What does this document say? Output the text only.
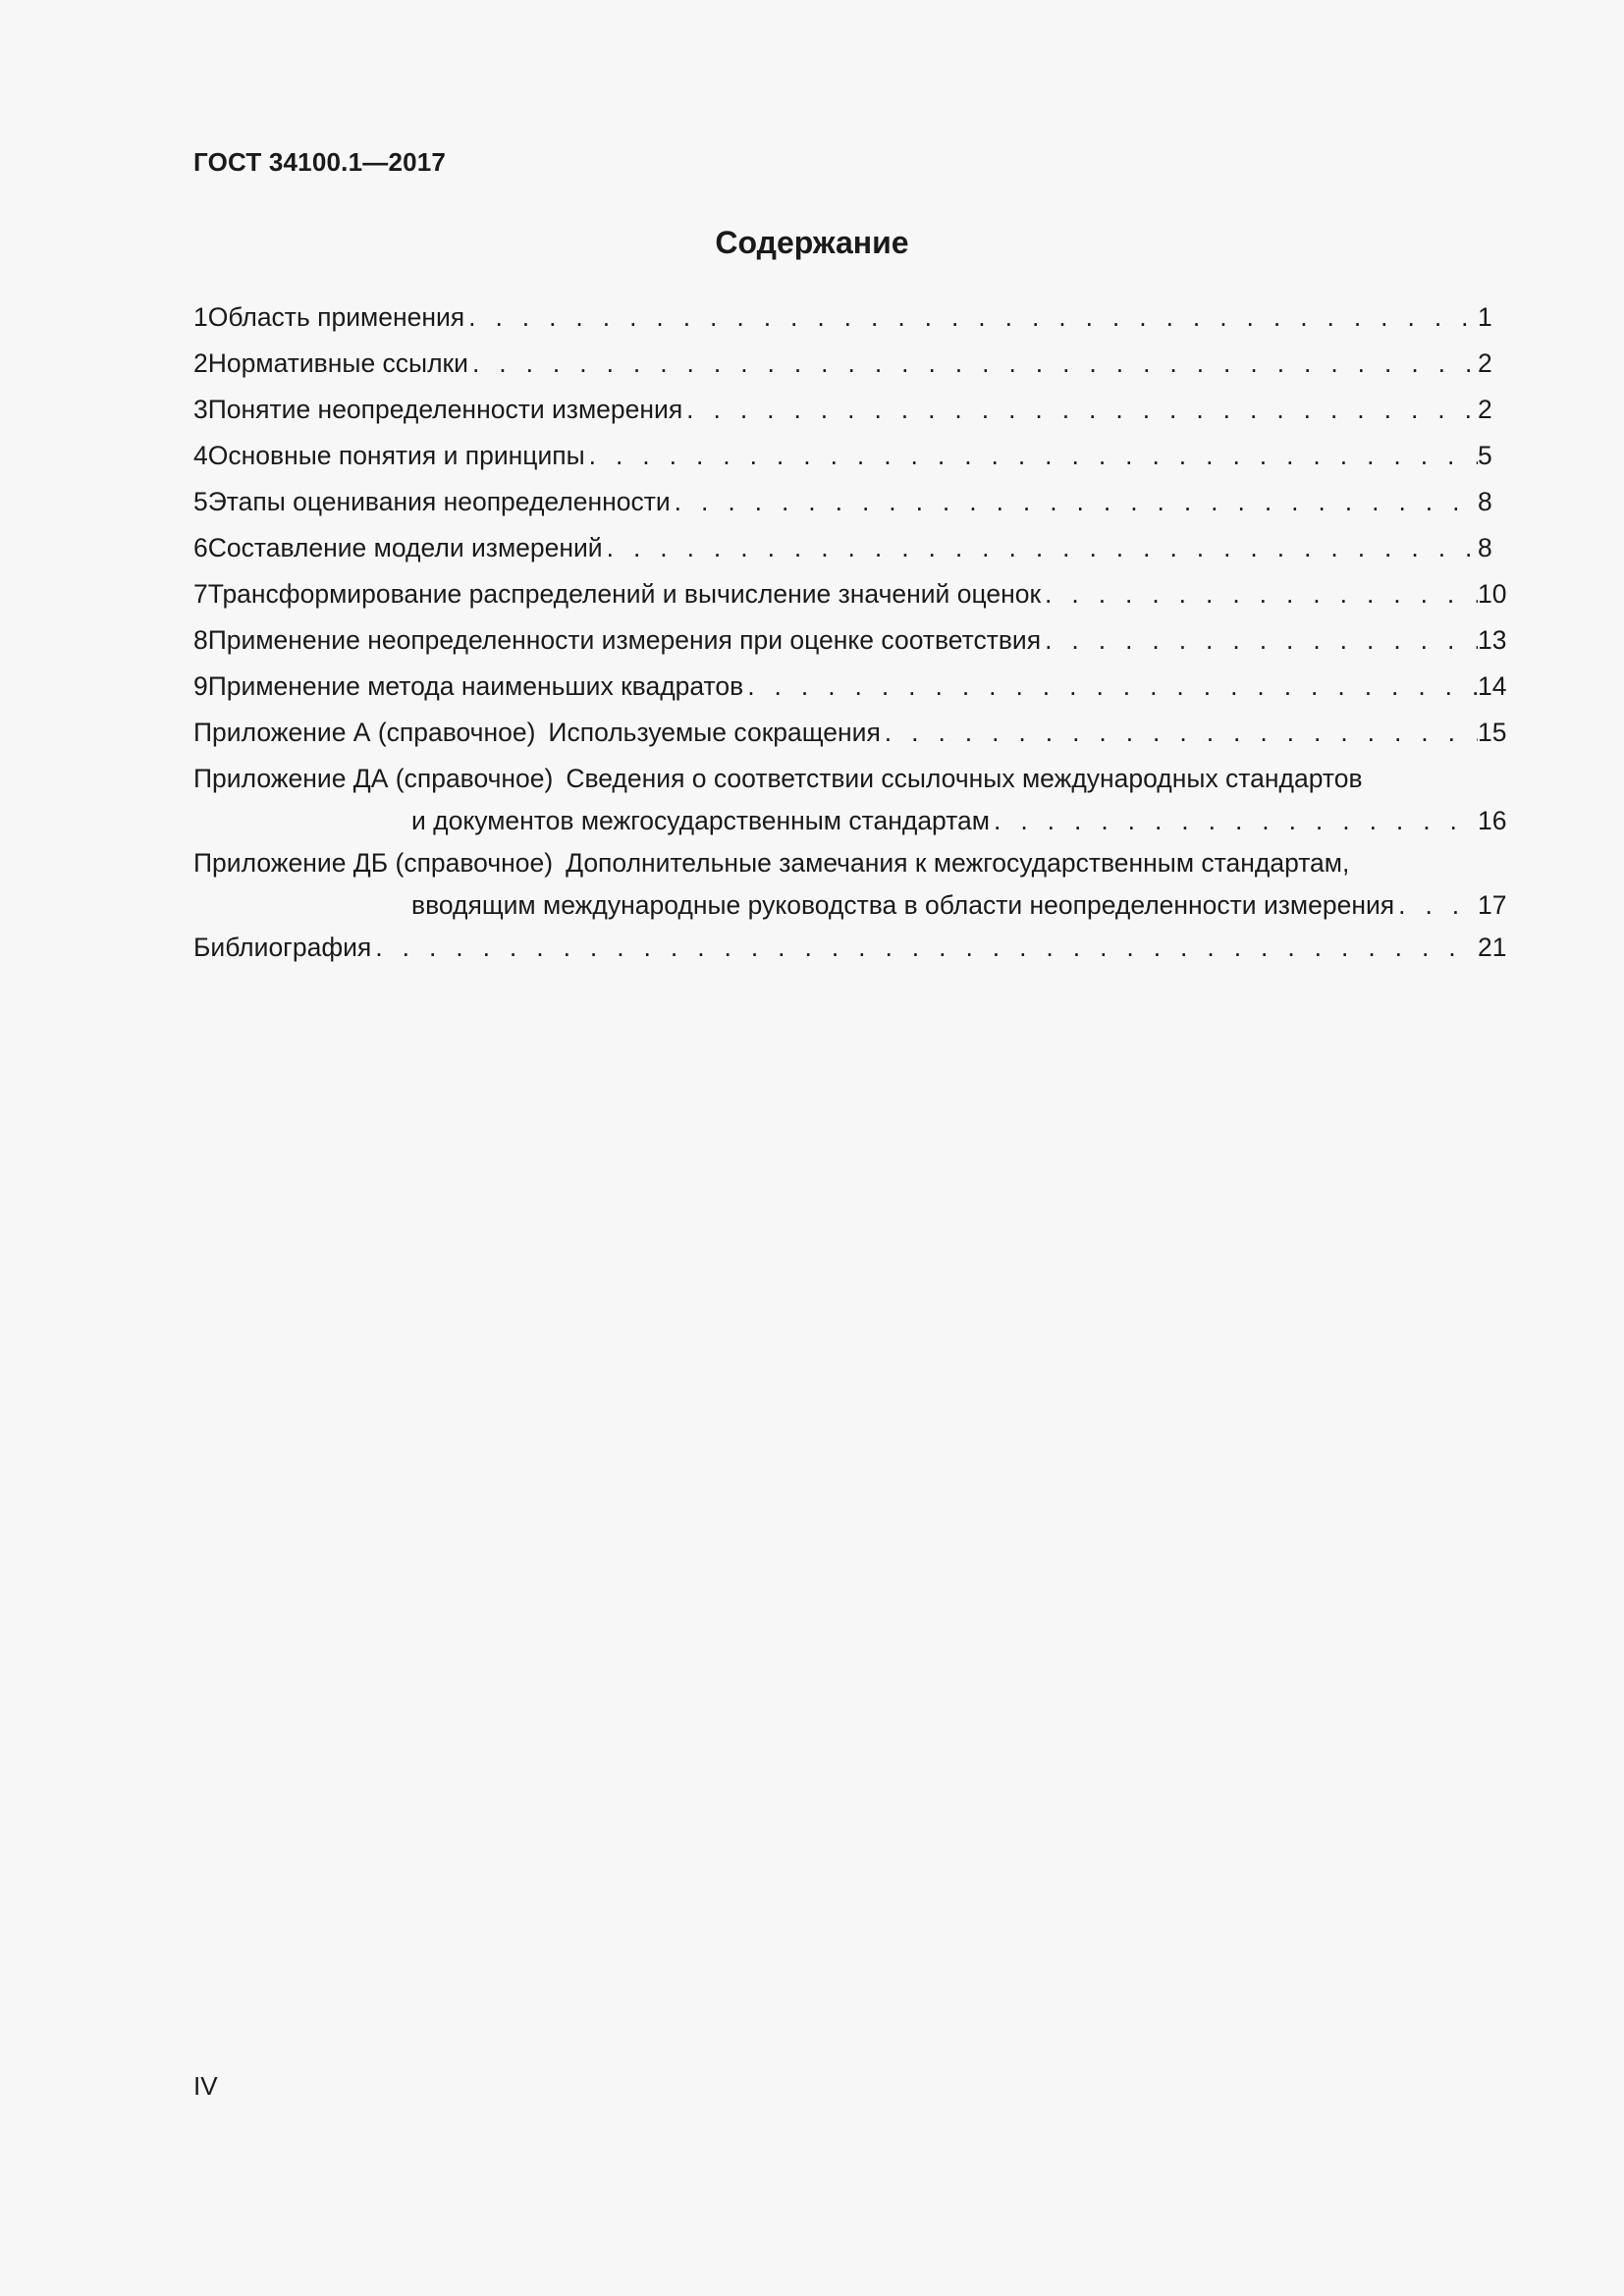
ГОСТ 34100.1—2017
Содержание
1 Область применения . . .	1
2 Нормативные ссылки . . .	2
3 Понятие неопределенности измерения . . .	2
4 Основные понятия и принципы . . .	5
5 Этапы оценивания неопределенности . . .	8
6 Составление модели измерений . . .	8
7 Трансформирование распределений и вычисление значений оценок . . .	10
8 Применение неопределенности измерения при оценке соответствия . . .	13
9 Применение метода наименьших квадратов . . .	14
Приложение А (справочное) Используемые сокращения . . .	15
Приложение ДА (справочное) Сведения о соответствии ссылочных международных стандартов
и документов межгосударственным стандартам . . .	16
Приложение ДБ (справочное) Дополнительные замечания к межгосударственным стандартам,
вводящим международные руководства в области неопределенности измерения . . .	17
Библиография . . .	21
IV
